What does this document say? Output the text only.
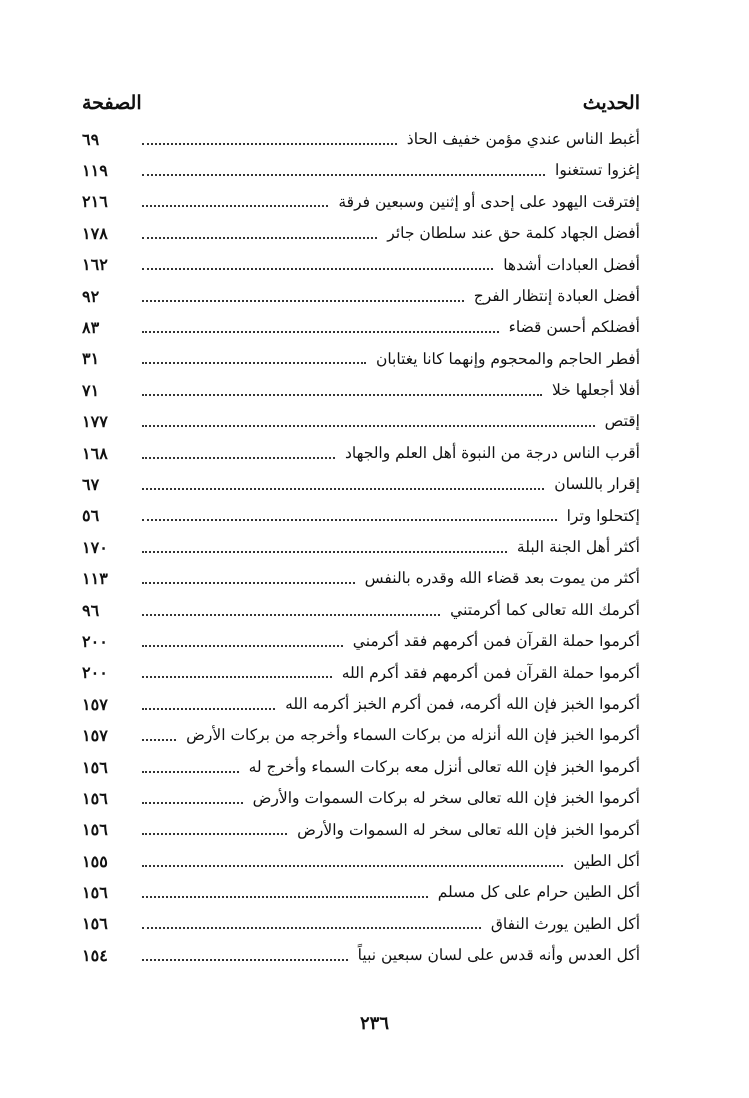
الحديث
الصفحة
أغبط الناس عندي مؤمن خفيف الحاذ
٦٩
إغزوا تستغنوا
١١٩
إفترقت اليهود على إحدى أو إثنين وسبعين فرقة
٢١٦
أفضل الجهاد كلمة حق عند سلطان جائر
١٧٨
أفضل العبادات أشدها
١٦٢
أفضل العبادة إنتظار الفرج
٩٢
أفضلكم أحسن قضاء
٨٣
أفطر الحاجم والمحجوم وإنهما كانا يغتابان
٣١
أفلا أجعلها خلا
٧١
إقتص
١٧٧
أقرب الناس درجة من النبوة أهل العلم والجهاد
١٦٨
إقرار باللسان
٦٧
إكتحلوا وترا
٥٦
أكثر أهل الجنة البلة
١٧٠
أكثر من يموت بعد قضاء الله وقدره بالنفس
١١٣
أكرمك الله تعالى كما أكرمتني
٩٦
أكرموا حملة القرآن فمن أكرمهم فقد أكرمني
٢٠٠
أكرموا حملة القرآن فمن أكرمهم فقد أكرم الله
٢٠٠
أكرموا الخبز فإن الله أكرمه، فمن أكرم الخبز أكرمه الله
١٥٧
أكرموا الخبز فإن الله أنزله من بركات السماء وأخرجه من بركات الأرض
١٥٧
أكرموا الخبز فإن الله تعالى أنزل معه بركات السماء وأخرج له
١٥٦
أكرموا الخبز فإن الله تعالى سخر له بركات السموات والأرض
١٥٦
أكرموا الخبز فإن الله تعالى سخر له السموات والأرض
١٥٦
أكل الطين
١٥٥
أكل الطين حرام على كل مسلم
١٥٦
أكل الطين يورث النفاق
١٥٦
أكل العدس وأنه قدس على لسان سبعين نبياً
١٥٤
٢٣٦
